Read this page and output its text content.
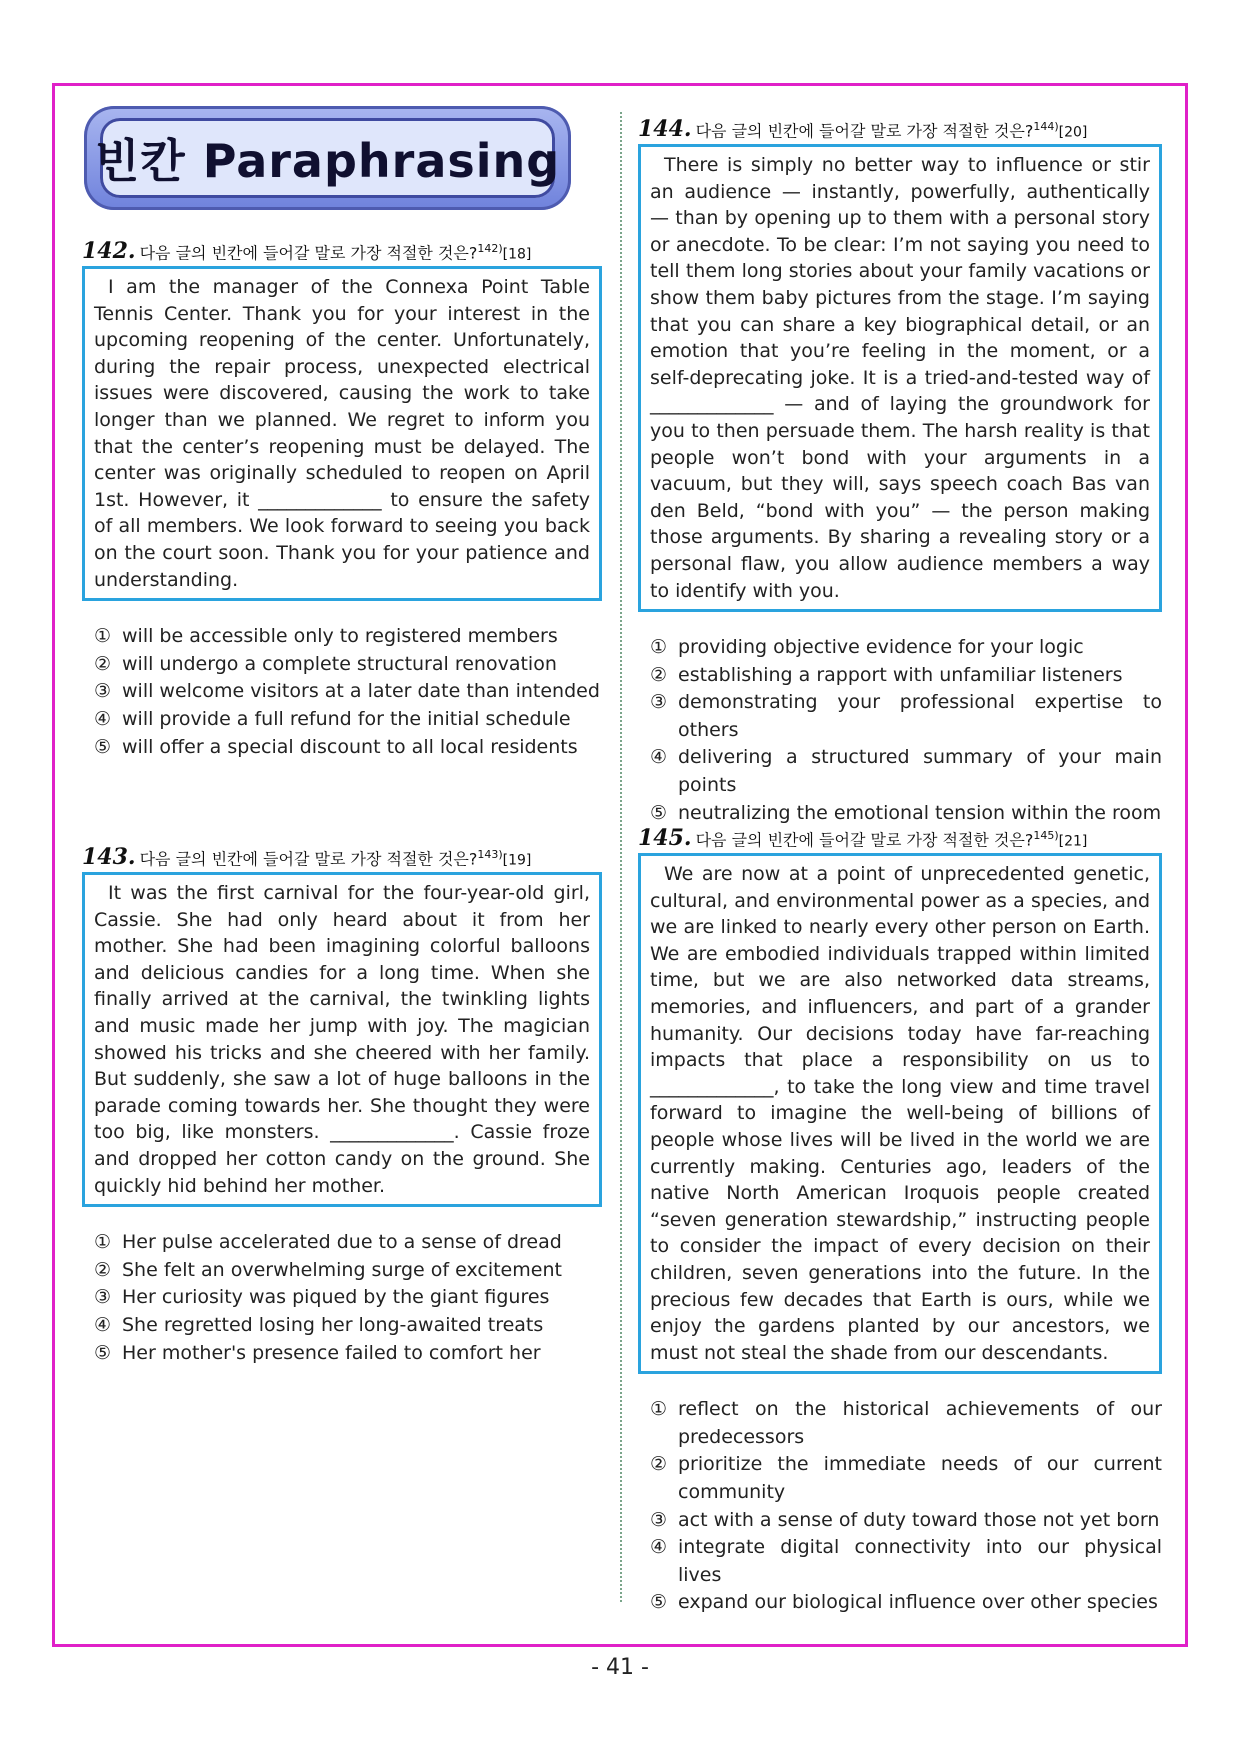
빈칸 Paraphrasing
142. 다음 글의 빈칸에 들어갈 말로 가장 적절한 것은?$^{142)}$[18]
I am the manager of the Connexa Point Table Tennis Center. Thank you for your interest in the upcoming reopening of the center. Unfortunately, during the repair process, unexpected electrical issues were discovered, causing the work to take longer than we planned. We regret to inform you that the center’s reopening must be delayed. The center was originally scheduled to reopen on April 1st. However, it _____________ to ensure the safety of all members. We look forward to seeing you back on the court soon. Thank you for your patience and understanding.
① will be accessible only to registered members
② will undergo a complete structural renovation
③ will welcome visitors at a later date than intended
④ will provide a full refund for the initial schedule
⑤ will offer a special discount to all local residents
143. 다음 글의 빈칸에 들어갈 말로 가장 적절한 것은?$^{143)}$[19]
It was the first carnival for the four-year-old girl, Cassie. She had only heard about it from her mother. She had been imagining colorful balloons and delicious candies for a long time. When she finally arrived at the carnival, the twinkling lights and music made her jump with joy. The magician showed his tricks and she cheered with her family. But suddenly, she saw a lot of huge balloons in the parade coming towards her. She thought they were too big, like monsters. _____________. Cassie froze and dropped her cotton candy on the ground. She quickly hid behind her mother.
① Her pulse accelerated due to a sense of dread
② She felt an overwhelming surge of excitement
③ Her curiosity was piqued by the giant figures
④ She regretted losing her long-awaited treats
⑤ Her mother's presence failed to comfort her
144. 다음 글의 빈칸에 들어갈 말로 가장 적절한 것은?$^{144)}$[20]
There is simply no better way to influence or stir an audience — instantly, powerfully, authentically — than by opening up to them with a personal story or anecdote. To be clear: I’m not saying you need to tell them long stories about your family vacations or show them baby pictures from the stage. I’m saying that you can share a key biographical detail, or an emotion that you’re feeling in the moment, or a self-deprecating joke. It is a tried-and-tested way of _____________ — and of laying the groundwork for you to then persuade them. The harsh reality is that people won’t bond with your arguments in a vacuum, but they will, says speech coach Bas van den Beld, “bond with you” — the person making those arguments. By sharing a revealing story or a personal flaw, you allow audience members a way to identify with you.
① providing objective evidence for your logic
② establishing a rapport with unfamiliar listeners
③ demonstrating your professional expertise to others
④ delivering a structured summary of your main points
⑤ neutralizing the emotional tension within the room
145. 다음 글의 빈칸에 들어갈 말로 가장 적절한 것은?$^{145)}$[21]
We are now at a point of unprecedented genetic, cultural, and environmental power as a species, and we are linked to nearly every other person on Earth. We are embodied individuals trapped within limited time, but we are also networked data streams, memories, and influencers, and part of a grander humanity. Our decisions today have far-reaching impacts that place a responsibility on us to _____________, to take the long view and time travel forward to imagine the well-being of billions of people whose lives will be lived in the world we are currently making. Centuries ago, leaders of the native North American Iroquois people created “seven generation stewardship,” instructing people to consider the impact of every decision on their children, seven generations into the future. In the precious few decades that Earth is ours, while we enjoy the gardens planted by our ancestors, we must not steal the shade from our descendants.
① reflect on the historical achievements of our predecessors
② prioritize the immediate needs of our current community
③ act with a sense of duty toward those not yet born
④ integrate digital connectivity into our physical lives
⑤ expand our biological influence over other species
- 41 -
